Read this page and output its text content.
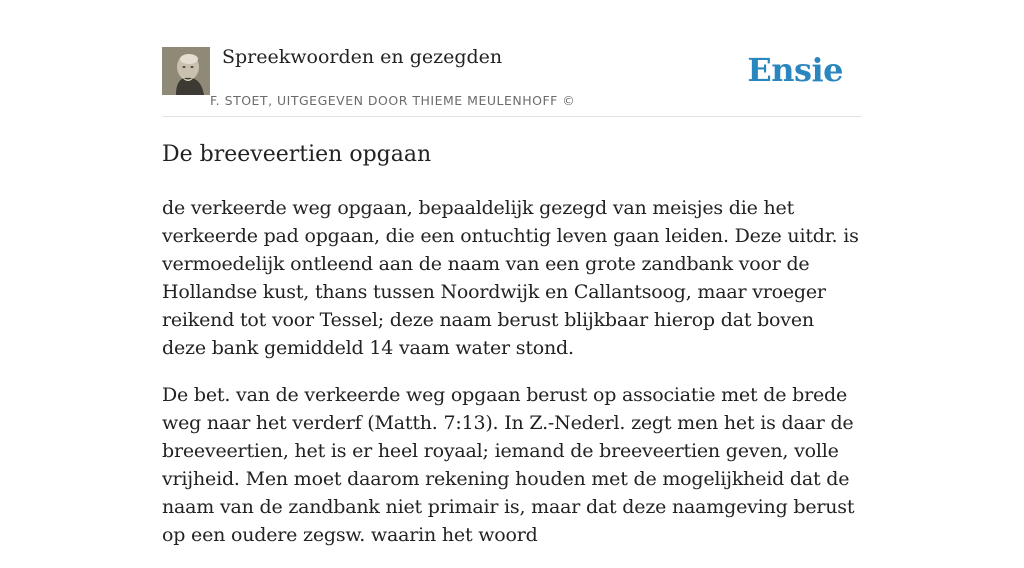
Spreekwoorden en gezegden
F. STOET, UITGEGEVEN DOOR THIEME MEULENHOFF ©
Ensie
De breeveertien opgaan

de verkeerde weg opgaan, bepaaldelijk gezegd van meisjes die het verkeerde pad opgaan, die een ontuchtig leven gaan leiden. Deze uitdr. is vermoedelijk ontleend aan de naam van een grote zandbank voor de Hollandse kust, thans tussen Noordwijk en Callantsoog, maar vroeger reikend tot voor Tessel; deze naam berust blijkbaar hierop dat boven deze bank gemiddeld 14 vaam water stond.

De bet. van de verkeerde weg opgaan berust op associatie met de brede weg naar het verderf (Matth. 7:13). In Z.-Nederl. zegt men het is daar de breeveertien, het is er heel royaal; iemand de breeveertien geven, volle vrijheid. Men moet daarom rekening houden met de mogelijkheid dat de naam van de zandbank niet primair is, maar dat deze naamgeving berust op een oudere zegsw. waarin het woord
